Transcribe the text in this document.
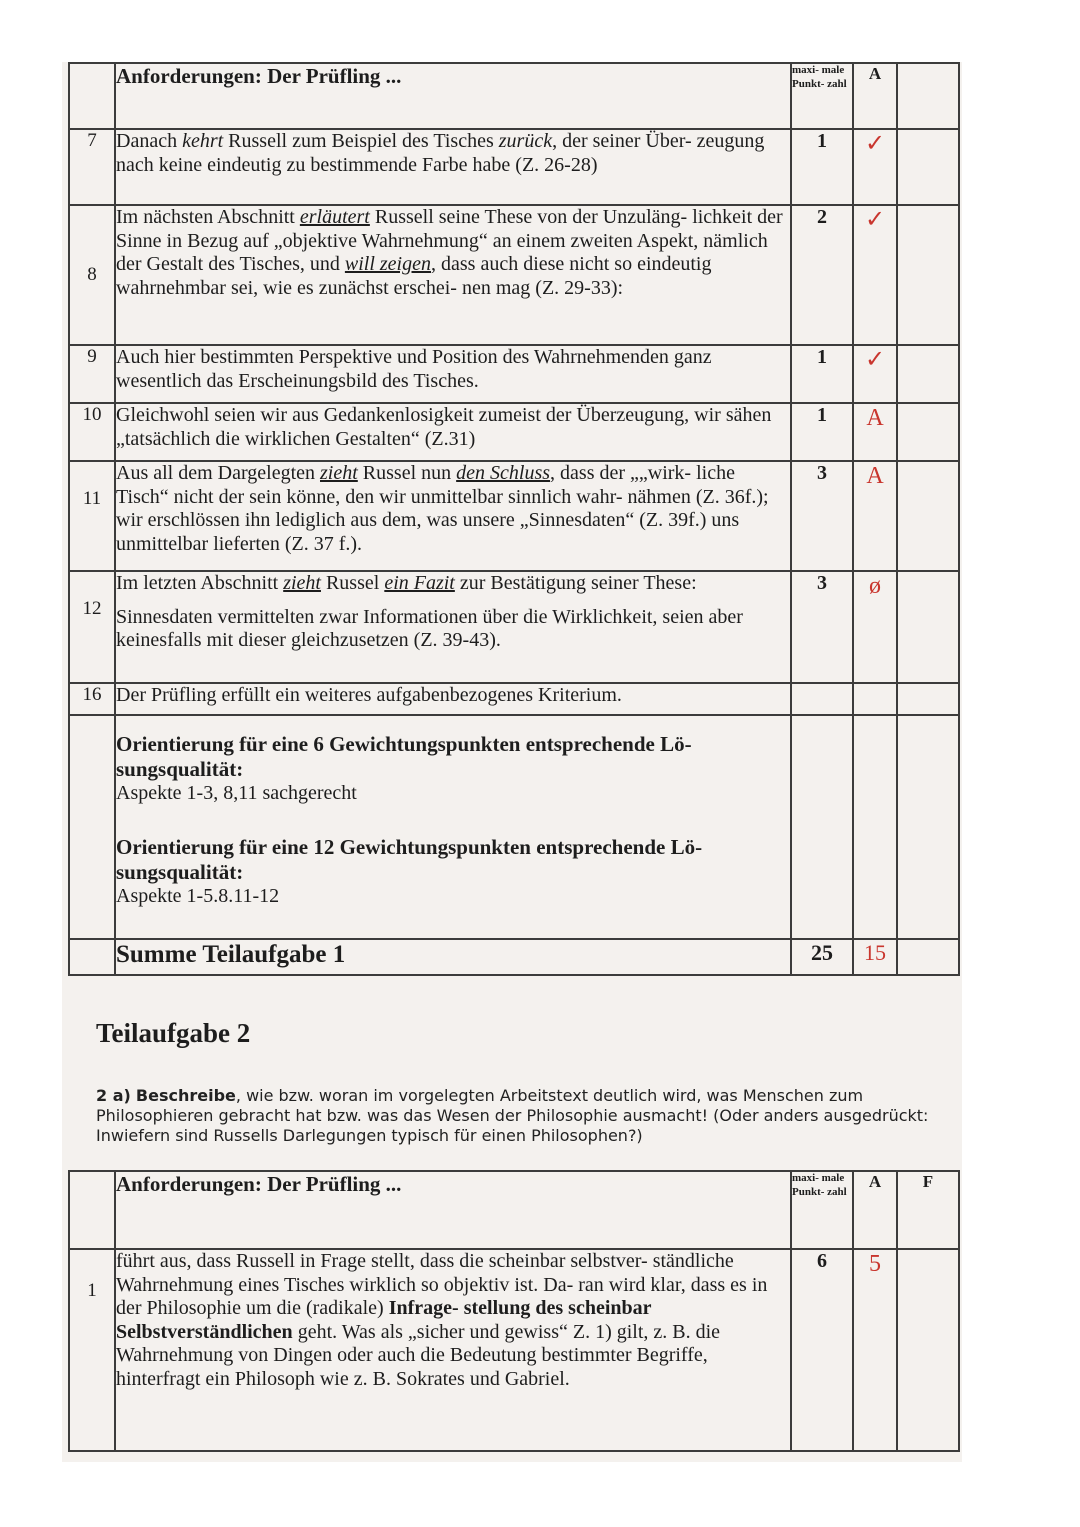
	Anforderungen: Der Prüfling ...	maxi- male Punkt- zahl	A	
7	Danach kehrt Russell zum Beispiel des Tisches zurück, der seiner Über- zeugung nach keine eindeutig zu bestimmende Farbe habe (Z. 26-28)	1	✓	
8	Im nächsten Abschnitt erläutert Russell seine These von der Unzuläng- lichkeit der Sinne in Bezug auf „objektive Wahrnehmung“ an einem zweiten Aspekt, nämlich der Gestalt des Tisches, und will zeigen, dass auch diese nicht so eindeutig wahrnehmbar sei, wie es zunächst erschei- nen mag (Z. 29-33):	2	✓	
9	Auch hier bestimmten Perspektive und Position des Wahrnehmenden ganz wesentlich das Erscheinungsbild des Tisches.	1	✓	
10	Gleichwohl seien wir aus Gedankenlosigkeit zumeist der Überzeugung, wir sähen „tatsächlich die wirklichen Gestalten“ (Z.31)	1	A	
11	Aus all dem Dargelegten zieht Russel nun den Schluss, dass der „„wirk- liche Tisch“ nicht der sein könne, den wir unmittelbar sinnlich wahr- nähmen (Z. 36f.); wir erschlössen ihn lediglich aus dem, was unsere „Sinnesdaten“ (Z. 39f.) uns unmittelbar lieferten (Z. 37 f.).	3	A	
12	Im letzten Abschnitt zieht Russel ein Fazit zur Bestätigung seiner These:
Sinnesdaten vermittelten zwar Informationen über die Wirklichkeit, seien aber keinesfalls mit dieser gleichzusetzen (Z. 39-43).	3	ø	
16	Der Prüfling erfüllt ein weiteres aufgabenbezogenes Kriterium.			

	Orientierung für eine 6 Gewichtungspunkten entsprechende Lö- sungsqualität:
Aspekte 1-3, 8,11 sachgerecht
Orientierung für eine 12 Gewichtungspunkten entsprechende Lö- sungsqualität:
Aspekte 1-5.8.11-12			

	Summe Teilaufgabe 1	25	15	
Teilaufgabe 2
2 a) Beschreibe, wie bzw. woran im vorgelegten Arbeitstext deutlich wird, was Menschen zum Philosophieren gebracht hat bzw. was das Wesen der Philosophie ausmacht! (Oder anders ausgedrückt: Inwiefern sind Russells Darlegungen typisch für einen Philosophen?)
	Anforderungen: Der Prüfling ...	maxi- male Punkt- zahl	A	F
1	führt aus, dass Russell in Frage stellt, dass die scheinbar selbstver- ständliche Wahrnehmung eines Tisches wirklich so objektiv ist. Da- ran wird klar, dass es in der Philosophie um die (radikale) Infrage- stellung des scheinbar Selbstverständlichen geht. Was als „sicher und gewiss“ Z. 1) gilt, z. B. die Wahrnehmung von Dingen oder auch die Bedeutung bestimmter Begriffe, hinterfragt ein Philosoph wie z. B. Sokrates und Gabriel.	6	5	
